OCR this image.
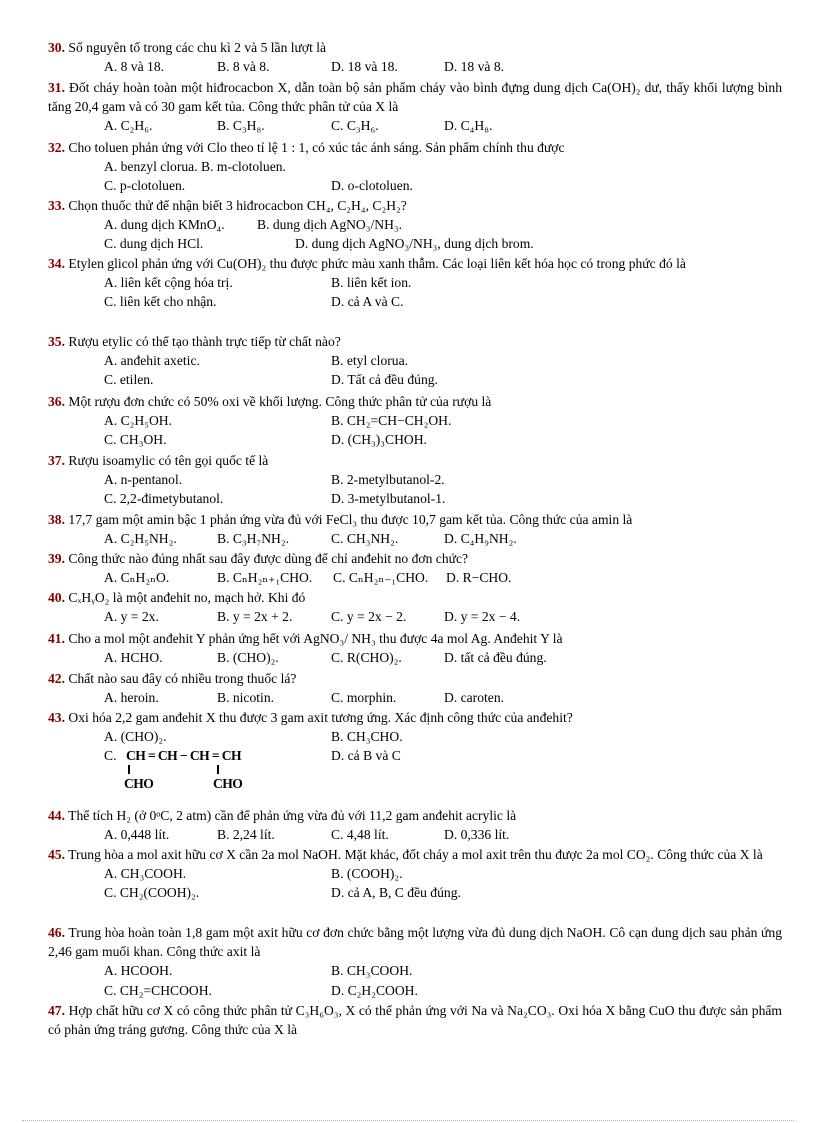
30. Số nguyên tố trong các chu kì 2 và 5 lần lượt là
A. 8 và 18.	B. 8 và 8.	D. 18 và 18.	D. 18 và 8.
31. Đốt cháy hoàn toàn một hiđrocacbon X, dẫn toàn bộ sản phẩm cháy vào bình đựng dung dịch Ca(OH)₂ dư, thấy khối lượng bình tăng 20,4 gam và có 30 gam kết tủa. Công thức phân tử của X là
A. C₂H₆.	B. C₃H₈.	C. C₃H₆.	D. C₄H₈.
32. Cho toluen phản ứng với Clo theo tỉ lệ 1 : 1, có xúc tác ánh sáng. Sản phẩm chính thu được
A. benzyl clorua. B. m-clotoluen.
C. p-clotoluen.	D. o-clotoluen.
33. Chọn thuốc thử để nhận biết 3 hiđrocacbon CH₄, C₂H₄, C₂H₂?
A. dung dịch KMnO₄. B. dung dịch AgNO₃/NH₃.
C. dung dịch HCl.	D. dung dịch AgNO₃/NH₃, dung dịch brom.
34. Etylen glicol phản ứng với Cu(OH)₂ thu được phức màu xanh thẫm. Các loại liên kết hóa học có trong phức đó là
A. liên kết cộng hóa trị.	B. liên kết ion.
C. liên kết cho nhận.	D. cả A và C.
35. Rượu etylic có thể tạo thành trực tiếp từ chất nào?
A. anđehit axetic.	B. etyl clorua.
C. etilen.	D. Tất cả đều đúng.
36. Một rượu đơn chức có 50% oxi về khối lượng. Công thức phân tử của rượu là
A. C₂H₅OH.	B. CH₂=CH−CH₂OH.
C. CH₃OH.	D. (CH₃)₃CHOH.
37. Rượu isoamylic có tên gọi quốc tế là
A. n-pentanol.	B. 2-metylbutanol-2.
C. 2,2-đimetybutanol.	D. 3-metylbutanol-1.
38. 17,7 gam một amin bậc 1 phản ứng vừa đủ với FeCl₃ thu được 10,7 gam kết tủa. Công thức của amin là
A. C₂H₅NH₂.	B. C₃H₇NH₂.	C. CH₃NH₂.	D. C₄H₉NH₂.
39. Công thức nào đúng nhất sau đây được dùng để chỉ anđehit no đơn chức?
A. CₙH₂ₙO.	B. CₙH₂ₙ₊₁CHO. C. CₙH₂ₙ₋₁CHO. D. R−CHO.
40. CₓHᵧO₂ là một anđehit no, mạch hở. Khi đó
A. y = 2x.	B. y = 2x + 2.	C. y = 2x − 2.	D. y = 2x − 4.
41. Cho a mol một anđehit Y phản ứng hết với AgNO₃/ NH₃ thu được 4a mol Ag. Anđehit Y là
A. HCHO.	B. (CHO)₂.	C. R(CHO)₂.	D. tất cả đều đúng.
42. Chất nào sau đây có nhiều trong thuốc lá?
A. heroin.	B. nicotin.	C. morphin.	D. caroten.
43. Oxi hóa 2,2 gam anđehit X thu được 3 gam axit tương ứng. Xác định công thức của anđehit?
A. (CHO)₂.	B. CH₃CHO.
C. CH = CH − CH = CH
CHO	CHO
D. cả B và C
44. Thể tích H₂ (ở 0ᵒC, 2 atm) cần để phản ứng vừa đủ với 11,2 gam anđehit acrylic là
A. 0,448 lít.	B. 2,24 lít.	C. 4,48 lít.	D. 0,336 lít.
45. Trung hòa a mol axit hữu cơ X cần 2a mol NaOH. Mặt khác, đốt cháy a mol axit trên thu được 2a mol CO₂. Công thức của X là
A. CH₃COOH.	B. (COOH)₂.
C. CH₂(COOH)₂.	D. cả A, B, C đều đúng.
46. Trung hòa hoàn toàn 1,8 gam một axit hữu cơ đơn chức bằng một lượng vừa đủ dung dịch NaOH. Cô cạn dung dịch sau phản ứng 2,46 gam muối khan. Công thức axit là
A. HCOOH.	B. CH₃COOH.
C. CH₂=CHCOOH.	D. C₂H₂COOH.
47. Hợp chất hữu cơ X có công thức phân tử C₃H₆O₃, X có thể phản ứng với Na và Na₂CO₃. Oxi hóa X bằng CuO thu được sản phẩm có phản ứng tráng gương. Công thức của X là
